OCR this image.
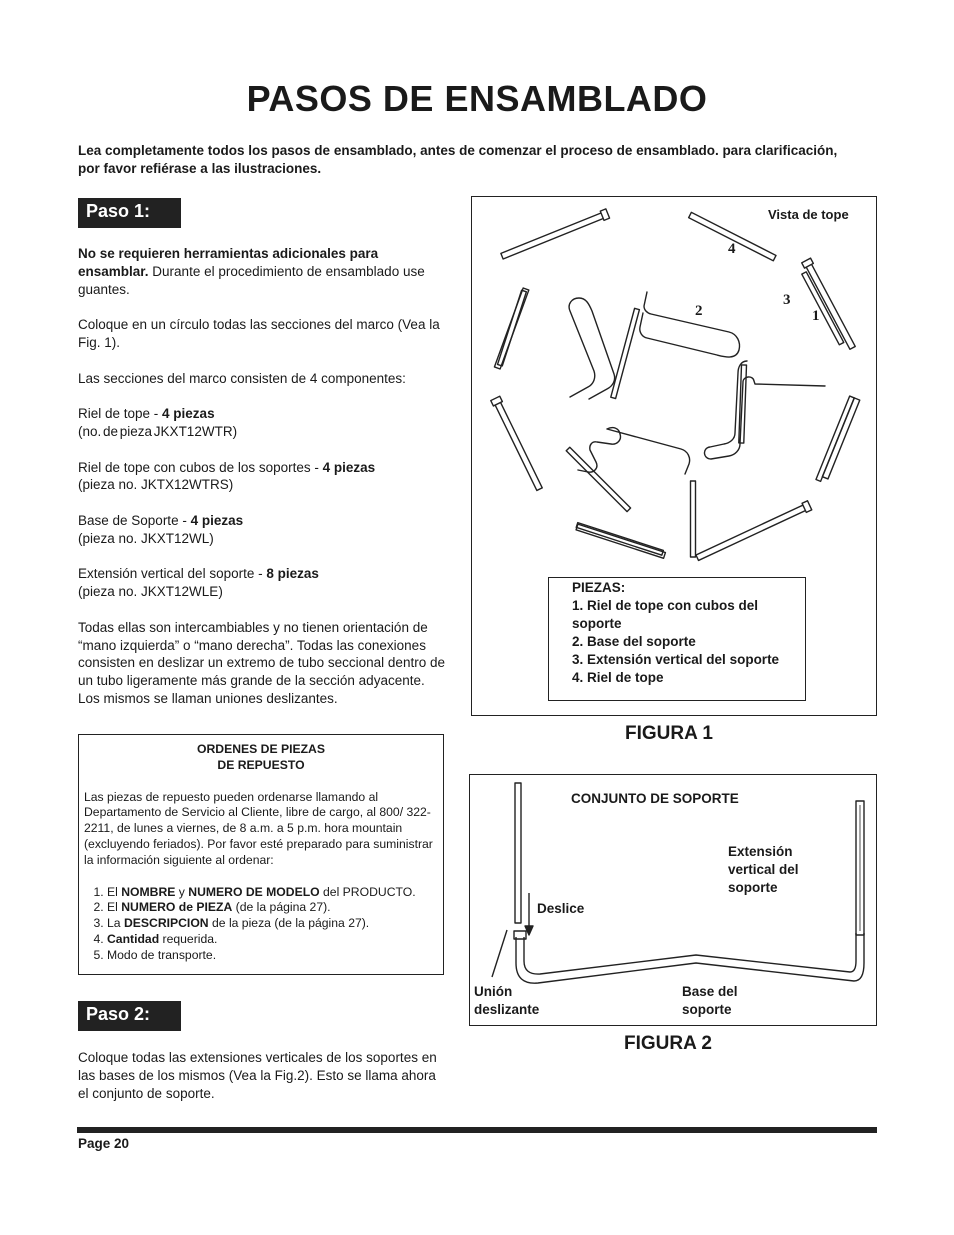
PASOS DE ENSAMBLADO
Lea completamente todos los pasos de ensamblado, antes de comenzar el proceso de ensamblado. para clarificación, por favor refiérase a las ilustraciones.
Paso 1:

No se requieren herramientas adicionales para ensamblar. Durante el procedimiento de ensamblado use guantes.

Coloque en un círculo todas las secciones del marco (Vea la Fig. 1).

Las secciones del marco consisten de 4 componentes:

Riel de tope - 4 piezas
(no. de pieza JKXT12WTR)

Riel de tope con cubos de los soportes - 4 piezas
(pieza no. JKTX12WTRS)

Base de Soporte - 4 piezas
(pieza no. JKXT12WL)

Extensión vertical del soporte - 8 piezas
(pieza no. JKXT12WLE)

Todas ellas son intercambiables y no tienen orientación de “mano izquierda” o “mano derecha”. Todas las conexiones consisten en deslizar un extremo de tubo seccional dentro de un tubo ligeramente más grande de la sección adyacente. Los mismos se llaman uniones deslizantes.

ORDENES DE PIEZAS
DE REPUESTO
Las piezas de repuesto pueden ordenarse llamando al Departamento de Servicio al Cliente, libre de cargo, al 800/ 322-2211, de lunes a viernes, de 8 a.m. a 5 p.m. hora mountain (excluyendo feriados). Por favor esté preparado para suministrar la información siguiente al ordenar:
1. El NOMBRE y NUMERO DE MODELO del PRODUCTO.
2. El NUMERO de PIEZA (de la página 27).
3. La DESCRIPCION de la pieza (de la página 27).
4. Cantidad requerida.
5. Modo de transporte.
Paso 2:

Coloque todas las extensiones verticales de los soportes en las bases de los mismos (Vea la Fig.2). Esto se llama ahora el conjunto de soporte.

Vista de tope
4
2
3
1
PIEZAS:
1. Riel de tope con cubos del soporte
2. Base del soporte
3. Extensión vertical del soporte
4. Riel de tope
FIGURA 1
CONJUNTO DE SOPORTE
Extensión vertical del soporte
Deslice
Unión deslizante
Base del soporte
FIGURA 2
Page 20
